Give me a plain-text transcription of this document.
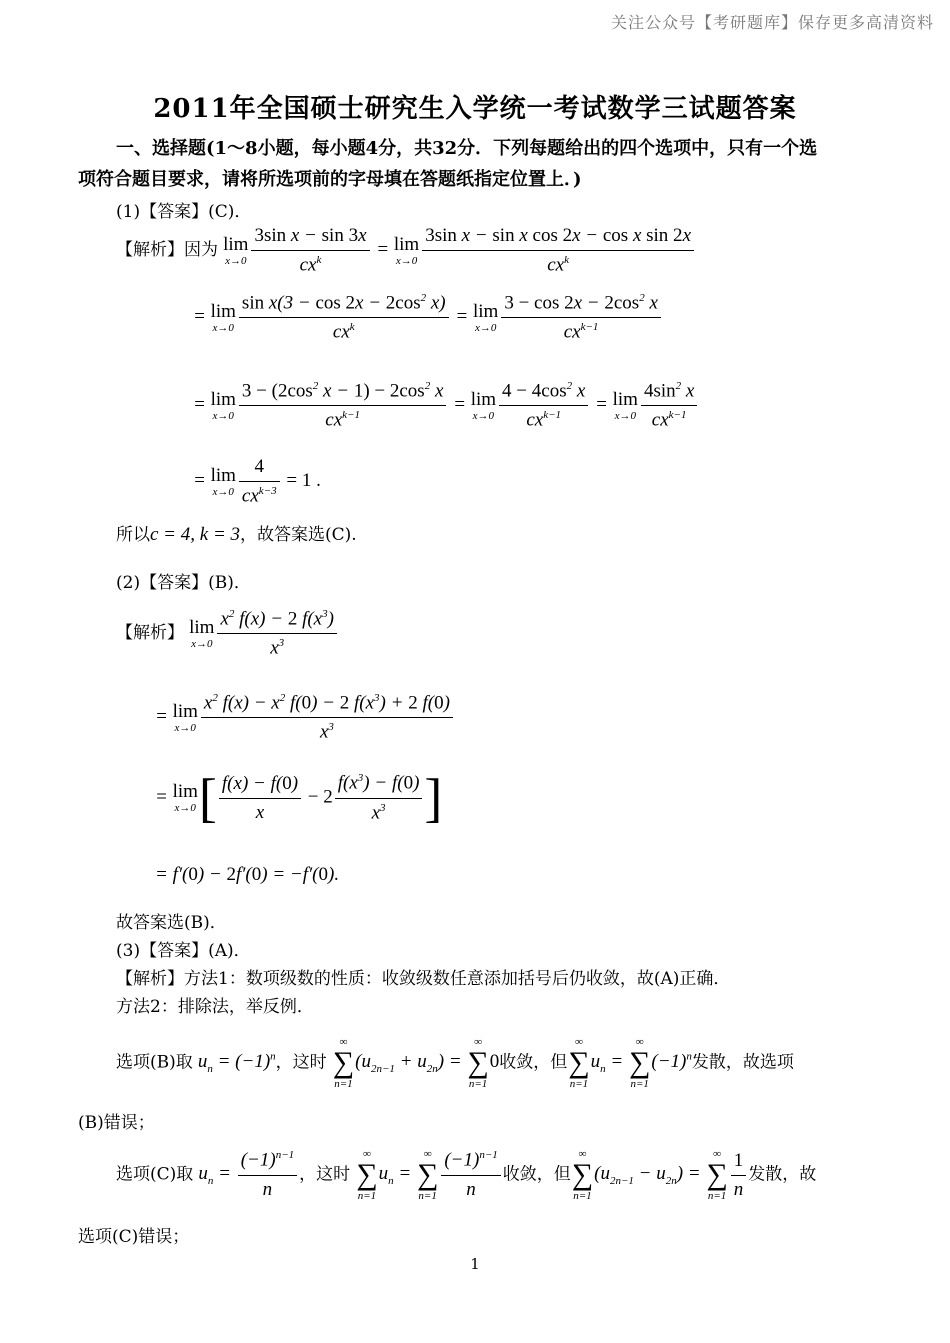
关注公众号【考研题库】保存更多高清资料
2011年全国硕士研究生入学统一考试数学三试题答案
一、选择题(1～8小题，每小题4分，共32分．下列每题给出的四个选项中，只有一个选
项符合题目要求，请将所选项前的字母填在答题纸指定位置上．)
(1)【答案】(C)．
【解析】因为 lim
$x\to 0 \frac{\text{3sin x − sin 3x}}{cx^k} = \lim$
$x\to 0 \frac{\text{3sin x − sin x cos 2x − cos x sin 2x}}{cx^k}$
= lim
$x\to 0 \frac{\sin x(3 - \cos 2x - 2\cos^2 x)}{cx^k} = \lim$
$x\to 0 \frac{3 - \cos 2x - 2\cos^2 x}{cx^{k-1}}$
= lim
$x\to 0 \frac{3 - (2\cos^2 x - 1) - 2\cos^2 x}{cx^{k-1}} = \lim$
$x\to 0 \frac{4 - 4\cos^2 x}{cx^{k-1}} = \lim$
$x\to 0 \frac{4\sin^2 x}{cx^{k-1}}$
= lim
$x\to 0 \frac{4}{cx^{k-3}} = 1$ .
所以c = 4, k = 3，故答案选(C).
(2)【答案】(B)．
【解析】 lim
$x\to 0 \frac{x^2 f(x) - 2 f(x^3)}{x^3}$
= lim
$x\to 0 \frac{x^2 f(x) - x^2 f(0) - 2 f(x^3) + 2 f(0)}{x^3}$
= lim
x→0 [ $\frac{f(x) - f(0)}{x} - 2 \frac{f(x^3) - f(0)}{x^3}$ ]
= f′(0) − 2f′(0) = −f′(0).
故答案选(B)．
(3)【答案】(A)．
【解析】方法1：数项级数的性质：收敛级数任意添加括号后仍收敛，故(A)正确．
方法2：排除法，举反例．
选项(B)取 $u_n = (-1)^n$，这时
∞
∑
n=1
$(u_{2n-1} + u_{2n})$ =
∞
∑
n=1
0收敛，但
∞
∑
n=1
$u_n$ =
∞
∑
n=1
$(-1)^n$发散，故选项
(B)错误；
选项(C)取 $u_n = \frac{(-1)^{n-1}}{n}$ ，这时
∞
∑
n=1
$u_n$ =
∞
∑
$n=1 \frac{(-1)^{n-1}}{n}$ 收敛，但
∞
∑
n=1
$(u_{2n-1} - u_{2n})$ =
∞
∑
$n=1 \frac{1}{n}$ 发散，故
选项(C)错误；
1
